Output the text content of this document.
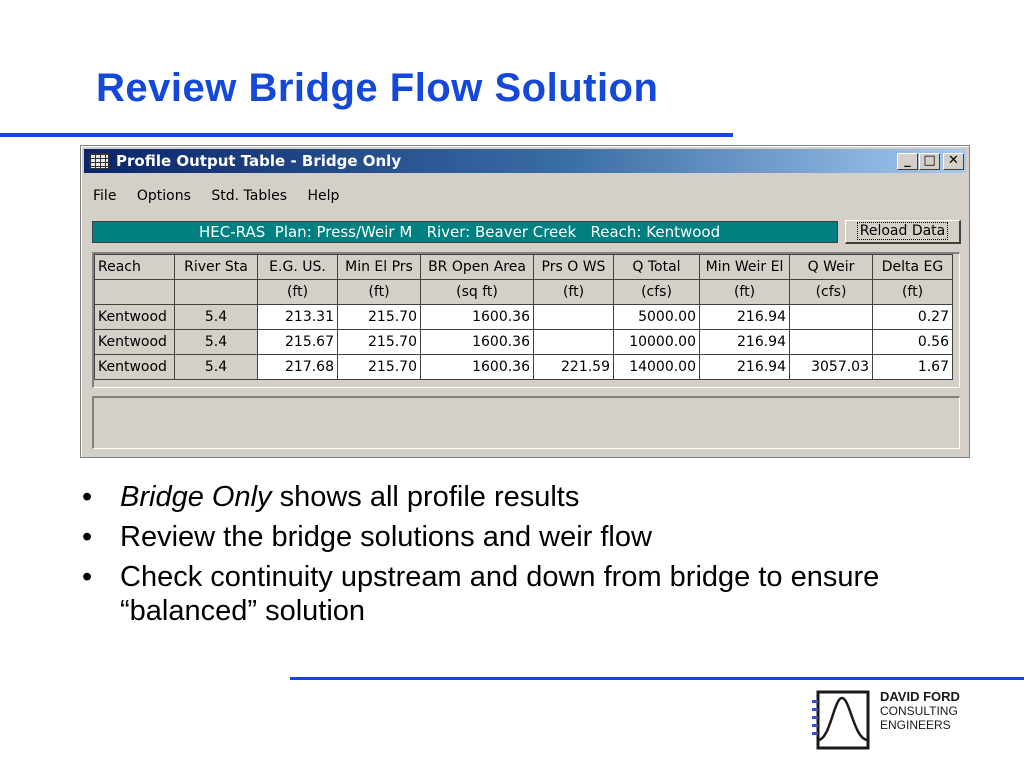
Review Bridge Flow Solution
Profile Output Table - Bridge Only	_ □ ✕
File Options Std. Tables Help
HEC-RAS  Plan: Press/Weir M   River: Beaver Creek   Reach: Kentwood	Reload Data
Reach	River Sta	E.G. US.	Min El Prs	BR Open Area	Prs O WS	Q Total	Min Weir El	Q Weir	Delta EG
		(ft)	(ft)	(sq ft)	(ft)	(cfs)	(ft)	(cfs)	(ft)
Kentwood	5.4	213.31	215.70	1600.36		5000.00	216.94		0.27
Kentwood	5.4	215.67	215.70	1600.36		10000.00	216.94		0.56
Kentwood	5.4	217.68	215.70	1600.36	221.59	14000.00	216.94	3057.03	1.67
• Bridge Only shows all profile results
• Review the bridge solutions and weir flow
• Check continuity upstream and down from bridge to ensure “balanced” solution
DAVID FORD
CONSULTING
ENGINEERS
